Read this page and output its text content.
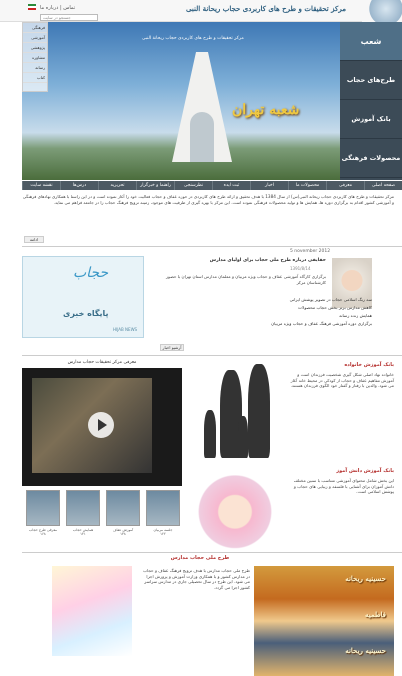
مرکز تحقیقات و طرح های کاربردی حجاب ریحانة النبی
تماس | درباره ما
جستجو در سایت
مرکز تحقیقات و طرح های کاربردی حجاب ریحانة النبی
شعبه تهران
فرهنگی
آموزشی
پژوهشی
مشاوره
رسانه
کتاب
شعب
طرح‌های حجاب
بانک آموزش
محصولات فرهنگی
صفحه اصلی
معرفی
محصولات ما
اخبار
ثبت ایده
نظرسنجی
راهنما و خبرگزار
تحریریه
درس‌ها
نقشه سایت
مرکز تحقیقات و طرح های کاربردی حجاب ریحانة النبی(س) از سال 1384 با هدف تحقیق و ارائه طرح های کاربردی در حوزه عفاف و حجاب فعالیت خود را آغاز نموده است و در این راستا با همکاری نهادهای فرهنگی و آموزشی کشور اقدام به برگزاری دوره ها، همایش ها و تولید محصولات فرهنگی نموده است. این مرکز با بهره گیری از ظرفیت های موجود، زمینه ترویج فرهنگ حجاب را در جامعه فراهم می نماید.
ادامه
5 november 2012
حجاب
پایگاه خبری
HIJAB NEWS
حقایقی درباره طرح ملی حجاب برای اولیای مدارس
1391/8/14
برگزاری کارگاه آموزشی عفاف و حجاب ویژه مربیان و معلمان مدارس استان تهران با حضور کارشناسان مرکز
سه رنگ اسلامی حجاب در تصویر پوشش ایرانی
کاهش مدارس برتر بخش حجاب محصولات
همایش زنده رسانه
برگزاری دوره آموزشی فرهنگ عفاف و حجاب ویژه مربیان
آرشیو اخبار
معرفی مرکز تحقیقات حجاب مدارس
معرفی طرح حجاب
۱۶۸
همایش حجاب
۱۴۱
آموزش عفاف
۱۳۸
جلسه مربیان
۱۲۲
بانک آموزش خانواده
خانواده نهاد اصلی شکل گیری شخصیت فرزندان است و آموزش مفاهیم عفاف و حجاب از کودکی در محیط خانه آغاز می شود. والدین با رفتار و گفتار خود الگوی فرزندان هستند.
بانک آموزش دانش آموز
این بخش شامل محتوای آموزشی متناسب با سنین مختلف دانش آموزان برای آشنایی با فلسفه و زیبایی های حجاب و پوشش اسلامی است.
طرح ملی حجاب مدارس
طرح ملی حجاب مدارس با هدف ترویج فرهنگ عفاف و حجاب در مدارس کشور و با همکاری وزارت آموزش و پرورش اجرا می شود. این طرح در سال تحصیلی جاری در مدارس سراسر کشور اجرا می گردد.
حسینیه ریحانه
فاطمیه
حسینیه ریحانه
